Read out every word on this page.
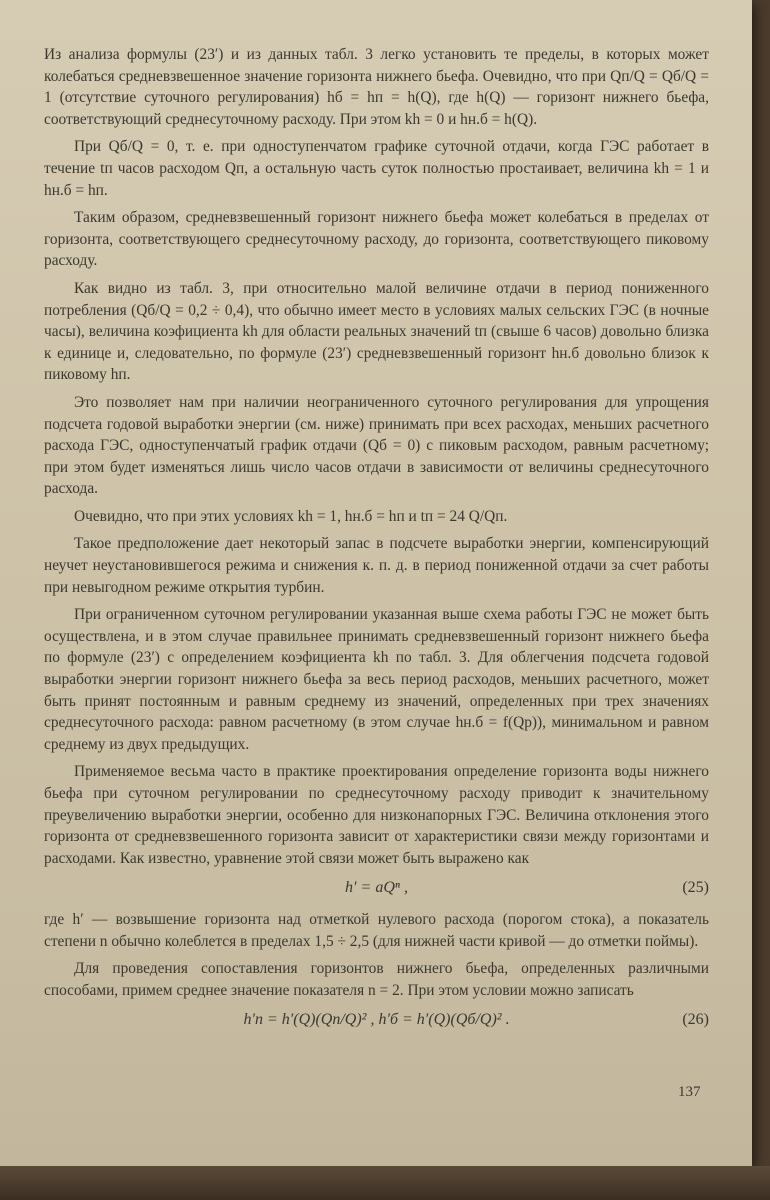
Из анализа формулы (23′) и из данных табл. 3 легко установить те пределы, в которых может колебаться средневзвешенное значение горизонта нижнего бьефа. Очевидно, что при Qп/Q = Qб/Q = 1 (отсутствие суточного регулирования) hб = hп = h(Q), где h(Q) — горизонт нижнего бьефа, соответствующий среднесуточному расходу. При этом kh = 0 и hн.б = h(Q).

При Qб/Q = 0, т. е. при одноступенчатом графике суточной отдачи, когда ГЭС работает в течение tп часов расходом Qп, а остальную часть суток полностью простаивает, величина kh = 1 и hн.б = hп.

Таким образом, средневзвешенный горизонт нижнего бьефа может колебаться в пределах от горизонта, соответствующего среднесуточному расходу, до горизонта, соответствующего пиковому расходу.

Как видно из табл. 3, при относительно малой величине отдачи в период пониженного потребления (Qб/Q = 0,2 ÷ 0,4), что обычно имеет место в условиях малых сельских ГЭС (в ночные часы), величина коэфициента kh для области реальных значений tп (свыше 6 часов) довольно близка к единице и, следовательно, по формуле (23′) средневзвешенный горизонт hн.б довольно близок к пиковому hп.

Это позволяет нам при наличии неограниченного суточного регулирования для упрощения подсчета годовой выработки энергии (см. ниже) принимать при всех расходах, меньших расчетного расхода ГЭС, одноступенчатый график отдачи (Qб = 0) с пиковым расходом, равным расчетному; при этом будет изменяться лишь число часов отдачи в зависимости от величины среднесуточного расхода.

Очевидно, что при этих условиях kh = 1, hн.б = hп и tп = 24 Q/Qп.

Такое предположение дает некоторый запас в подсчете выработки энергии, компенсирующий неучет неустановившегося режима и снижения к. п. д. в период пониженной отдачи за счет работы при невыгодном режиме открытия турбин.

При ограниченном суточном регулировании указанная выше схема работы ГЭС не может быть осуществлена, и в этом случае правильнее принимать средневзвешенный горизонт нижнего бьефа по формуле (23′) с определением коэфициента kh по табл. 3. Для облегчения подсчета годовой выработки энергии горизонт нижнего бьефа за весь период расходов, меньших расчетного, может быть принят постоянным и равным среднему из значений, определенных при трех значениях среднесуточного расхода: равном расчетному (в этом случае hн.б = f(Qр)), минимальном и равном среднему из двух предыдущих.

Применяемое весьма часто в практике проектирования определение горизонта воды нижнего бьефа при суточном регулировании по среднесуточному расходу приводит к значительному преувеличению выработки энергии, особенно для низконапорных ГЭС. Величина отклонения этого горизонта от средневзвешенного горизонта зависит от характеристики связи между горизонтами и расходами. Как известно, уравнение этой связи может быть выражено как

h′ = aQⁿ ,	(25)

где h′ — возвышение горизонта над отметкой нулевого расхода (порогом стока), а показатель степени n обычно колеблется в пределах 1,5 ÷ 2,5 (для нижней части кривой — до отметки поймы).

Для проведения сопоставления горизонтов нижнего бьефа, определенных различными способами, примем среднее значение показателя n = 2. При этом условии можно записать

h′п = h′(Q)(Qп/Q)² , h′б = h′(Q)(Qб/Q)² .	(26)
137
